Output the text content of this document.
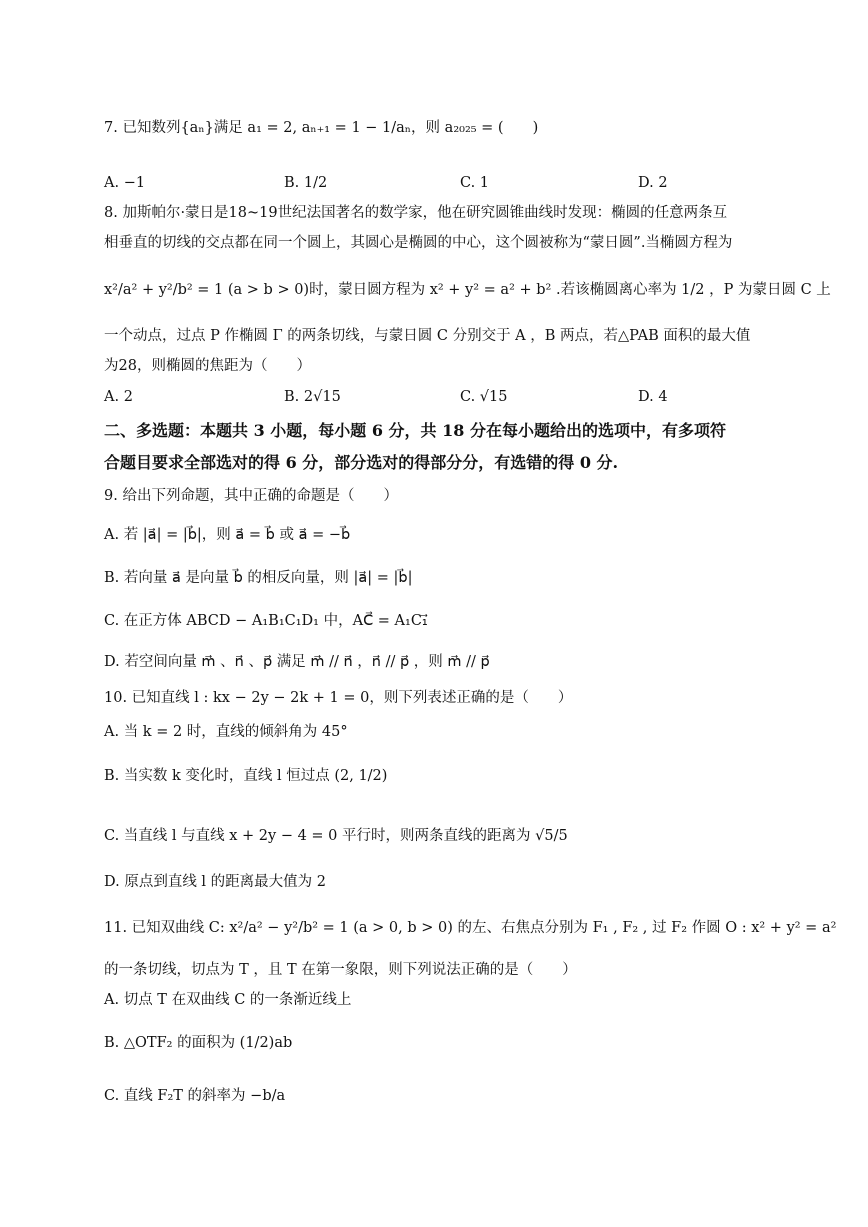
7. 已知数列{aₙ}满足 a₁ = 2, aₙ₊₁ = 1 − 1/aₙ，则 a₂₀₂₅ = (　　)
A. −1	B. 1/2	C. 1	D. 2
8. 加斯帕尔·蒙日是18~19世纪法国著名的数学家，他在研究圆锥曲线时发现：椭圆的任意两条互
相垂直的切线的交点都在同一个圆上，其圆心是椭圆的中心，这个圆被称为“蒙日圆”.当椭圆方程为
x²/a² + y²/b² = 1 (a > b > 0)时，蒙日圆方程为 x² + y² = a² + b² .若该椭圆离心率为 1/2 ，P 为蒙日圆 C 上
一个动点，过点 P 作椭圆 Γ 的两条切线，与蒙日圆 C 分别交于 A ，B 两点，若△PAB 面积的最大值
为28，则椭圆的焦距为（　　）
A. 2	B. 2√15	C. √15	D. 4
二、多选题：本题共 3 小题，每小题 6 分，共 18 分在每小题给出的选项中，有多项符
合题目要求全部选对的得 6 分，部分选对的得部分分，有选错的得 0 分.
9. 给出下列命题，其中正确的命题是（　　）
A. 若 |a⃗| = |b⃗|，则 a⃗ = b⃗ 或 a⃗ = −b⃗
B. 若向量 a⃗ 是向量 b⃗ 的相反向量，则 |a⃗| = |b⃗|
C. 在正方体 ABCD − A₁B₁C₁D₁ 中，AC⃗ = A₁C₁⃗
D. 若空间向量 m⃗ 、n⃗ 、p⃗ 满足 m⃗ // n⃗ ，n⃗ // p⃗ ，则 m⃗ // p⃗
10. 已知直线 l : kx − 2y − 2k + 1 = 0，则下列表述正确的是（　　）
A. 当 k = 2 时，直线的倾斜角为 45°
B. 当实数 k 变化时，直线 l 恒过点 (2, 1/2)
C. 当直线 l 与直线 x + 2y − 4 = 0 平行时，则两条直线的距离为 √5/5
D. 原点到直线 l 的距离最大值为 2
11. 已知双曲线 C: x²/a² − y²/b² = 1 (a > 0, b > 0) 的左、右焦点分别为 F₁ , F₂ , 过 F₂ 作圆 O : x² + y² = a²
的一条切线，切点为 T ，且 T 在第一象限，则下列说法正确的是（　　）
A. 切点 T 在双曲线 C 的一条渐近线上
B. △OTF₂ 的面积为 (1/2)ab
C. 直线 F₂T 的斜率为 −b/a
